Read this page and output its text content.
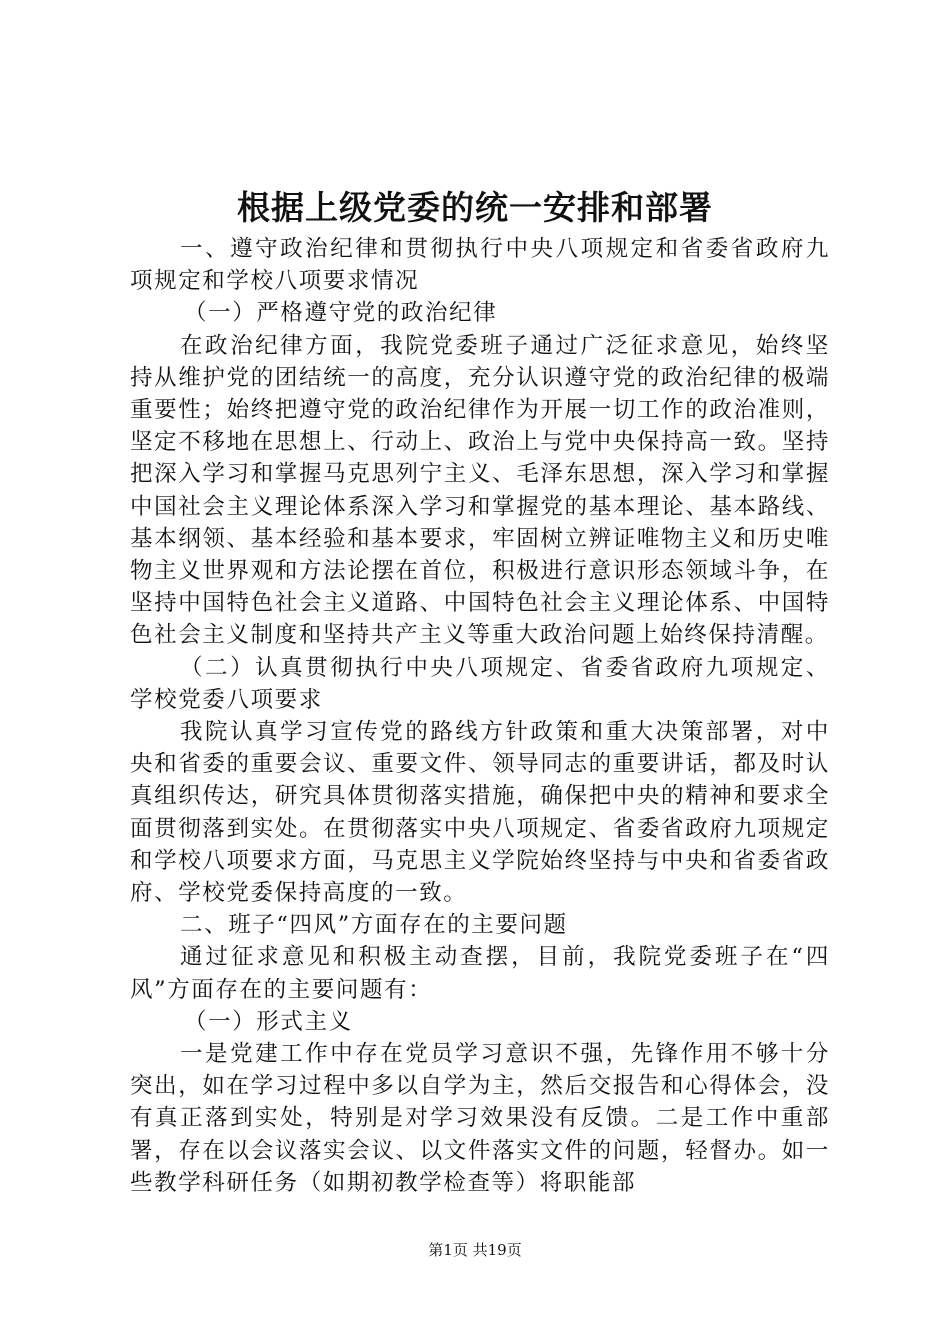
根据上级党委的统一安排和部署

一、遵守政治纪律和贯彻执行中央八项规定和省委省政府九项规定和学校八项要求情况

（一）严格遵守党的政治纪律

在政治纪律方面，我院党委班子通过广泛征求意见，始终坚持从维护党的团结统一的高度，充分认识遵守党的政治纪律的极端重要性；始终把遵守党的政治纪律作为开展一切工作的政治准则，坚定不移地在思想上、行动上、政治上与党中央保持高一致。坚持把深入学习和掌握马克思列宁主义、毛泽东思想，深入学习和掌握中国社会主义理论体系深入学习和掌握党的基本理论、基本路线、基本纲领、基本经验和基本要求，牢固树立辨证唯物主义和历史唯物主义世界观和方法论摆在首位，积极进行意识形态领域斗争，在坚持中国特色社会主义道路、中国特色社会主义理论体系、中国特色社会主义制度和坚持共产主义等重大政治问题上始终保持清醒。

（二）认真贯彻执行中央八项规定、省委省政府九项规定、学校党委八项要求

我院认真学习宣传党的路线方针政策和重大决策部署，对中央和省委的重要会议、重要文件、领导同志的重要讲话，都及时认真组织传达，研究具体贯彻落实措施，确保把中央的精神和要求全面贯彻落到实处。在贯彻落实中央八项规定、省委省政府九项规定和学校八项要求方面，马克思主义学院始终坚持与中央和省委省政府、学校党委保持高度的一致。

二、班子“四风”方面存在的主要问题

通过征求意见和积极主动查摆，目前，我院党委班子在“四风”方面存在的主要问题有：

（一）形式主义

一是党建工作中存在党员学习意识不强，先锋作用不够十分突出，如在学习过程中多以自学为主，然后交报告和心得体会，没有真正落到实处，特别是对学习效果没有反馈。二是工作中重部署，存在以会议落实会议、以文件落实文件的问题，轻督办。如一些教学科研任务（如期初教学检查等）将职能部

第1页 共19页
